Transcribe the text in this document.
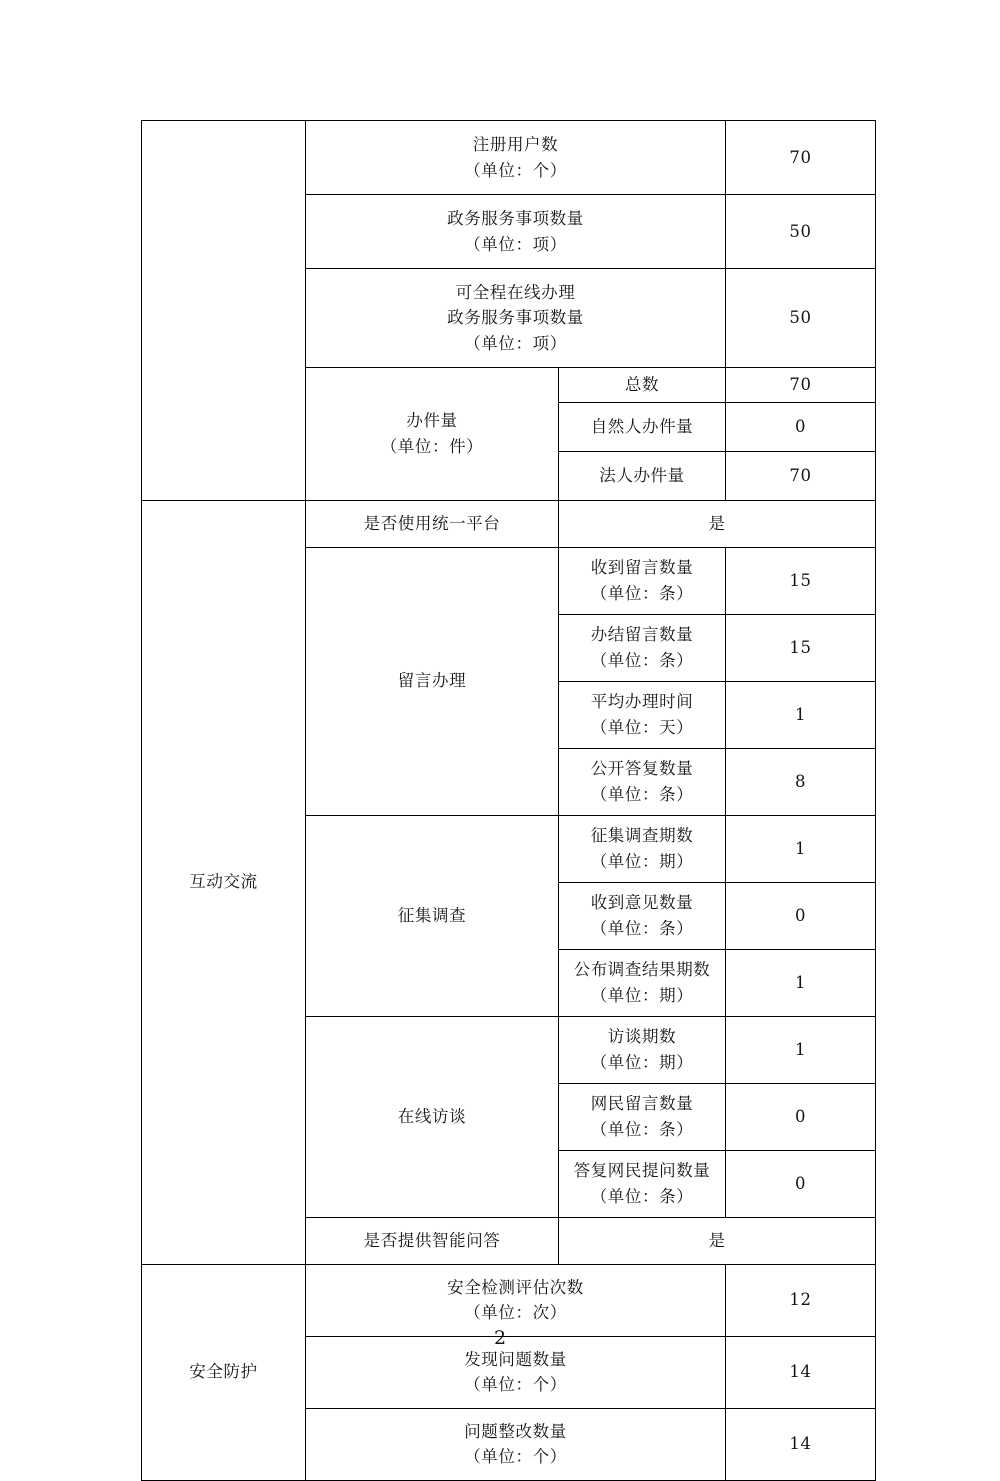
	注册用户数
（单位：个）		70

	政务服务事项数量
（单位：项）		50

	可全程在线办理
政务服务事项数量
（单位：项）		50

	办件量
（单位：件）	总数	70
		自然人办件量	0
		法人办件量	70
互动交流	是否使用统一平台	是	
	留言办理	收到留言数量
（单位：条）	15

		办结留言数量
（单位：条）	15

		平均办理时间
（单位：天）	1

		公开答复数量
（单位：条）	8
	征集调查	征集调查期数
（单位：期）	1

		收到意见数量
（单位：条）	0

		公布调查结果期数
（单位：期）	1
	在线访谈	访谈期数
（单位：期）	1

		网民留言数量
（单位：条）	0

		答复网民提问数量
（单位：条）	0

	是否提供智能问答	是	
安全防护	安全检测评估次数
（单位：次）		12

	发现问题数量
（单位：个）		14

	问题整改数量
（单位：个）		14
2
